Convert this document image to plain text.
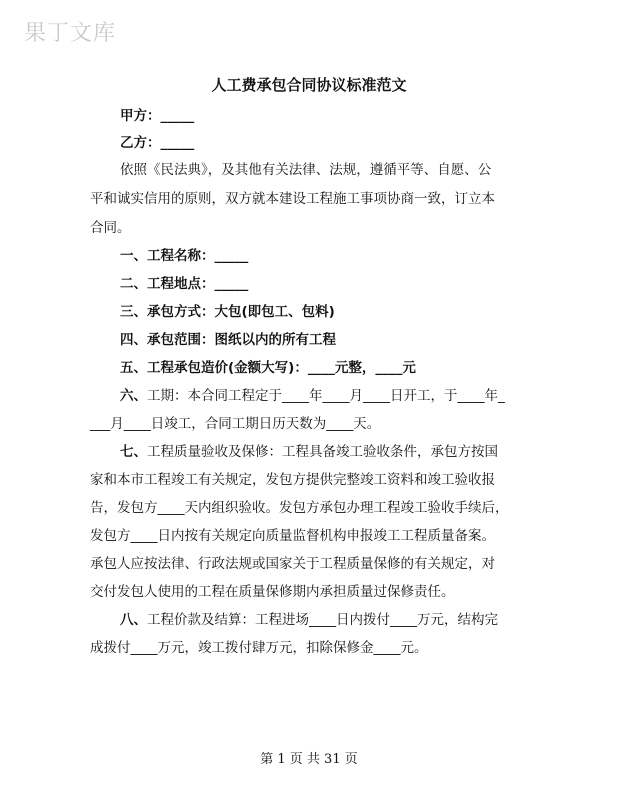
果丁文库
人工费承包合同协议标准范文
甲方：_____
乙方：_____
依照《民法典》，及其他有关法律、法规，遵循平等、自愿、公
平和诚实信用的原则，双方就本建设工程施工事项协商一致，订立本
合同。
一、工程名称：_____
二、工程地点：_____
三、承包方式：大包(即包工、包料)
四、承包范围：图纸以内的所有工程
五、工程承包造价(金额大写)：____元整，____元
六、工期：本合同工程定于____年____月____日开工，于____年_
___月____日竣工，合同工期日历天数为____天。
七、工程质量验收及保修：工程具备竣工验收条件，承包方按国
家和本市工程竣工有关规定，发包方提供完整竣工资料和竣工验收报
告，发包方____天内组织验收。发包方承包办理工程竣工验收手续后，
发包方____日内按有关规定向质量监督机构申报竣工工程质量备案。
承包人应按法律、行政法规或国家关于工程质量保修的有关规定，对
交付发包人使用的工程在质量保修期内承担质量过保修责任。
八、工程价款及结算：工程进场____日内拨付____万元，结构完
成拨付____万元，竣工拨付肆万元，扣除保修金____元。
第 1 页 共 31 页
